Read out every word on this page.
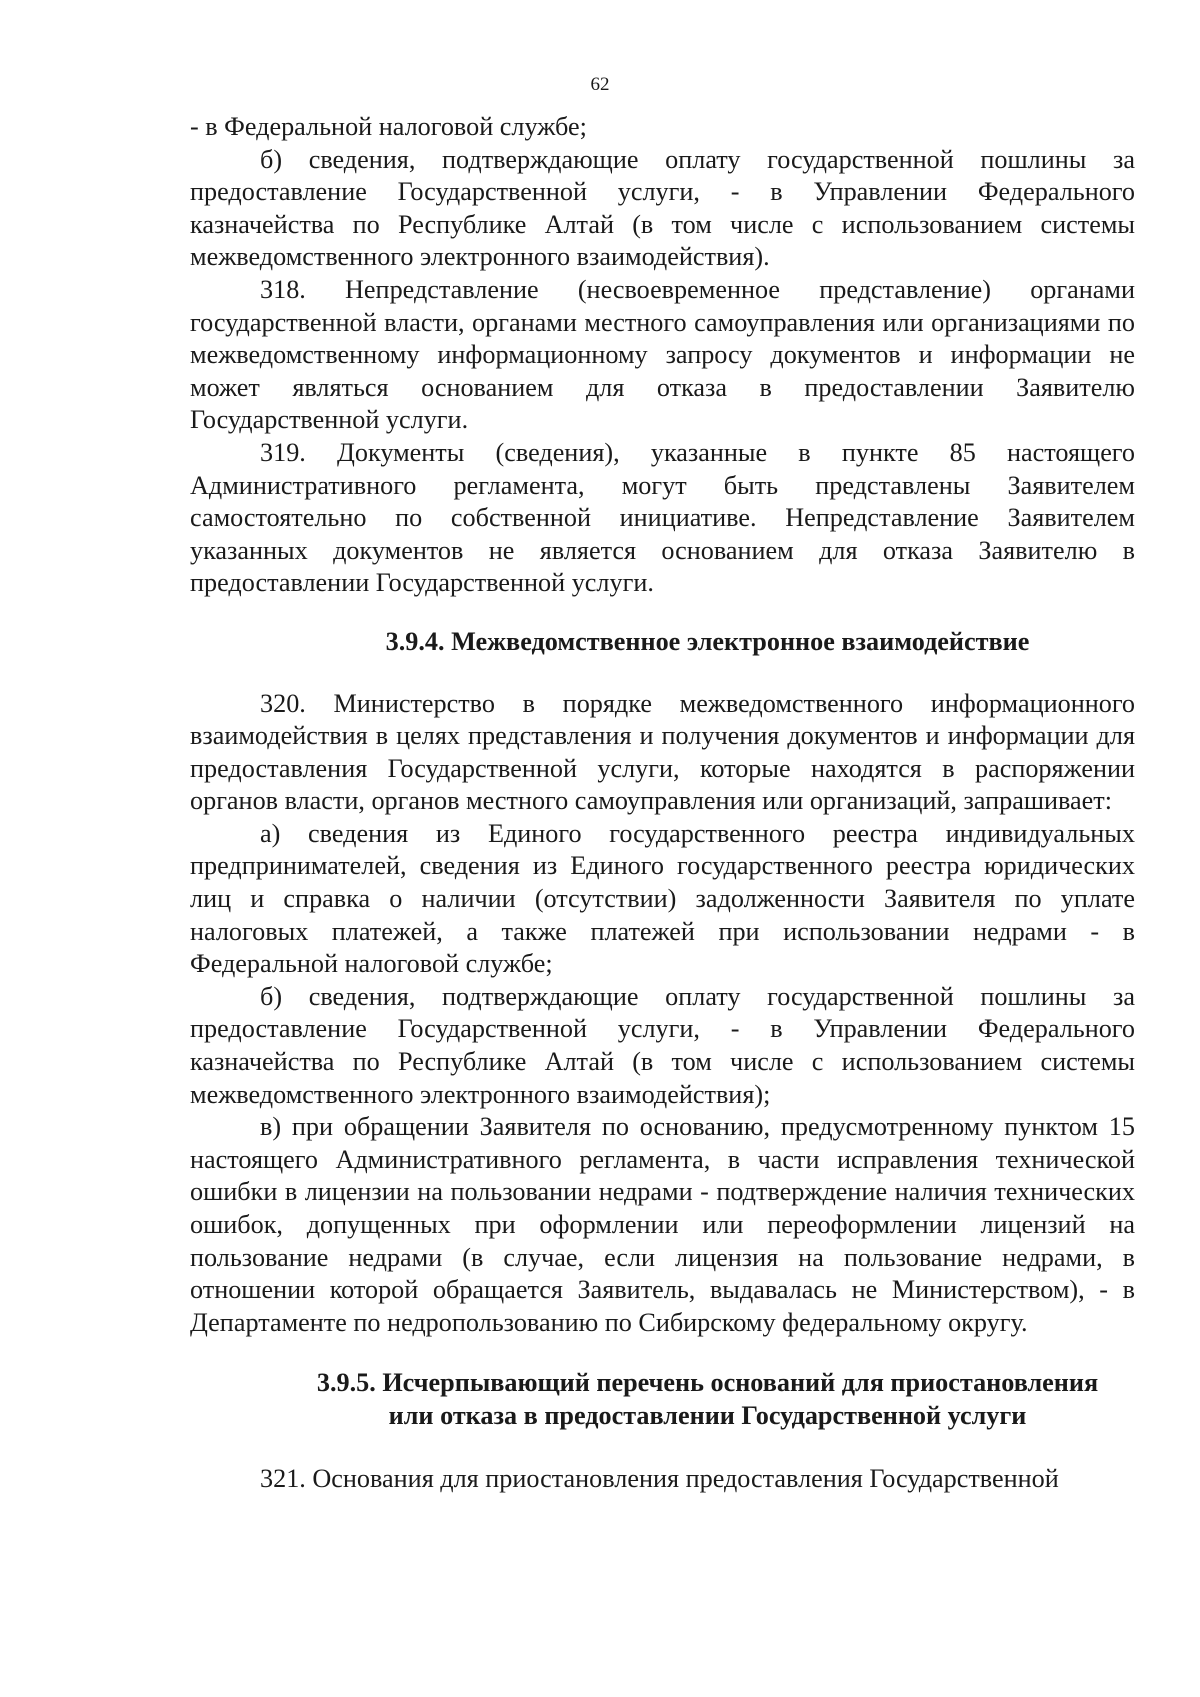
62

- в Федеральной налоговой службе;

б) сведения, подтверждающие оплату государственной пошлины за предоставление Государственной услуги, - в Управлении Федерального казначейства по Республике Алтай (в том числе с использованием системы межведомственного электронного взаимодействия).

318. Непредставление (несвоевременное представление) органами государственной власти, органами местного самоуправления или организациями по межведомственному информационному запросу документов и информации не может являться основанием для отказа в предоставлении Заявителю Государственной услуги.

319. Документы (сведения), указанные в пункте 85 настоящего Административного регламента, могут быть представлены Заявителем самостоятельно по собственной инициативе. Непредставление Заявителем указанных документов не является основанием для отказа Заявителю в предоставлении Государственной услуги.

3.9.4. Межведомственное электронное взаимодействие

320. Министерство в порядке межведомственного информационного взаимодействия в целях представления и получения документов и информации для предоставления Государственной услуги, которые находятся в распоряжении органов власти, органов местного самоуправления или организаций, запрашивает:

а) сведения из Единого государственного реестра индивидуальных предпринимателей, сведения из Единого государственного реестра юридических лиц и справка о наличии (отсутствии) задолженности Заявителя по уплате налоговых платежей, а также платежей при использовании недрами - в Федеральной налоговой службе;

б) сведения, подтверждающие оплату государственной пошлины за предоставление Государственной услуги, - в Управлении Федерального казначейства по Республике Алтай (в том числе с использованием системы межведомственного электронного взаимодействия);

в) при обращении Заявителя по основанию, предусмотренному пунктом 15 настоящего Административного регламента, в части исправления технической ошибки в лицензии на пользовании недрами - подтверждение наличия технических ошибок, допущенных при оформлении или переоформлении лицензий на пользование недрами (в случае, если лицензия на пользование недрами, в отношении которой обращается Заявитель, выдавалась не Министерством), - в Департаменте по недропользованию по Сибирскому федеральному округу.

3.9.5. Исчерпывающий перечень оснований для приостановления
или отказа в предоставлении Государственной услуги

321. Основания для приостановления предоставления Государственной
